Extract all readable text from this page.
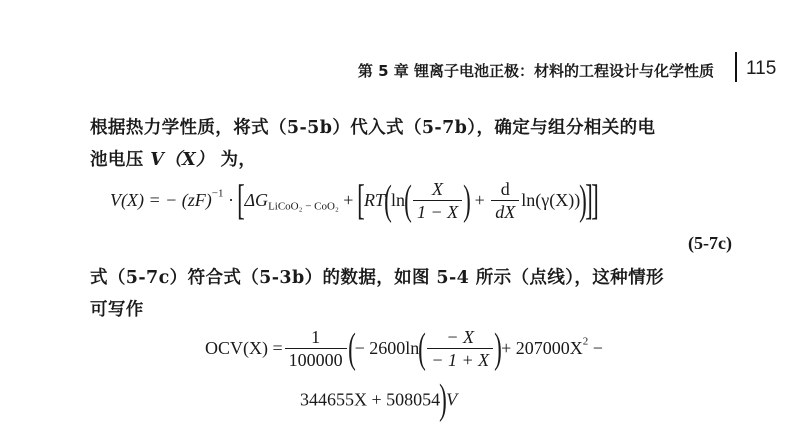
第 5 章 锂离子电池正极：材料的工程设计与化学性质 115
根据热力学性质，将式（5-5b）代入式（5-7b），确定与组分相关的电
池电压 V（X） 为，
V(X) = − $(zF)^{-1} \cdot [\Delta G_{LiCoO_2 - CoO_2} + [RT(\ln( \frac{X}{1 - X}$ ) + $\frac{d}{dX} \ln(\gamma(X))$)]]
(5-7c)
式（5-7c）符合式（5-3b）的数据，如图 5-4 所示（点线），这种情形
可写作
$OCV(X) = \frac{1}{100000}$ (− $2600\ln( \frac{- X}{- 1 + X}$ )+ $207000X^2$ −
344655X + 508054)V
